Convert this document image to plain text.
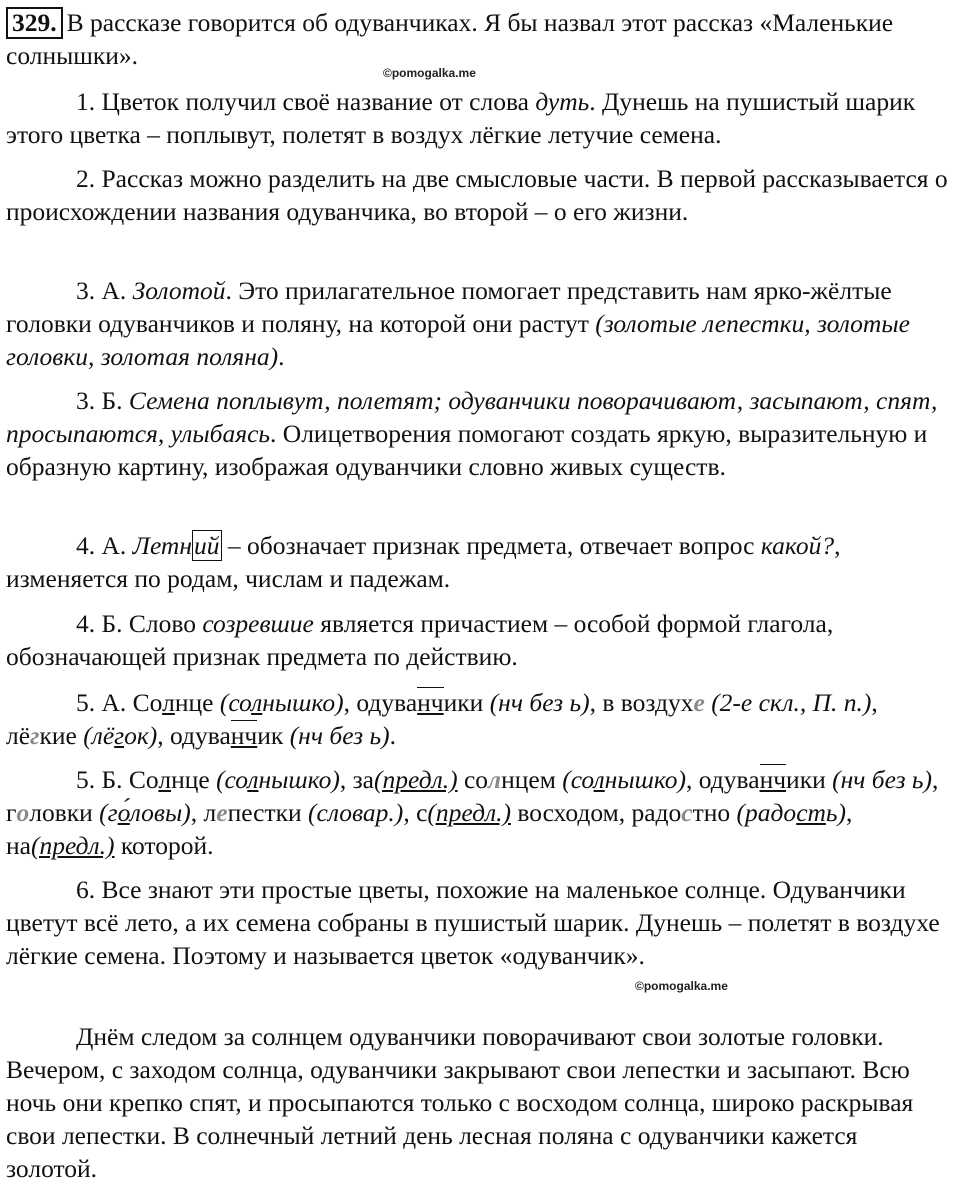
329. В рассказе говорится об одуванчиках. Я бы назвал этот рассказ «Маленькие солнышки».

©pomogalka.me

1. Цветок получил своё название от слова дуть. Дунешь на пушистый шарик этого цветка – поплывут, полетят в воздух лёгкие летучие семена.

2. Рассказ можно разделить на две смысловые части. В первой рассказывается о происхождении названия одуванчика, во второй – о его жизни.

3. А. Золотой. Это прилагательное помогает представить нам ярко-жёлтые головки одуванчиков и поляну, на которой они растут (золотые лепестки, золотые головки, золотая поляна).

3. Б. Семена поплывут, полетят; одуванчики поворачивают, засыпают, спят, просыпаются, улыбаясь. Олицетворения помогают создать яркую, выразительную и образную картину, изображая одуванчики словно живых существ.

4. А. Летний – обозначает признак предмета, отвечает вопрос какой?, изменяется по родам, числам и падежам.

4. Б. Слово созревшие является причастием – особой формой глагола, обозначающей признак предмета по действию.

5. А. Солнце (солнышко), одуванчики (нч без ь), в воздухе (2-е скл., П. п.), лёгкие (лёгок), одуванчик (нч без ь).

5. Б. Солнце (солнышко), за(предл.) солнцем (солнышко), одуванчики (нч без ь), головки (го́ловы), лепестки (словар.), с(предл.) восходом, радостно (радость), на(предл.) которой.

6. Все знают эти простые цветы, похожие на маленькое солнце. Одуванчики цветут всё лето, а их семена собраны в пушистый шарик. Дунешь – полетят в воздухе лёгкие семена. Поэтому и называется цветок «одуванчик».

©pomogalka.me

Днём следом за солнцем одуванчики поворачивают свои золотые головки. Вечером, с заходом солнца, одуванчики закрывают свои лепестки и засыпают. Всю ночь они крепко спят, и просыпаются только с восходом солнца, широко раскрывая свои лепестки. В солнечный летний день лесная поляна с одуванчики кажется золотой.
